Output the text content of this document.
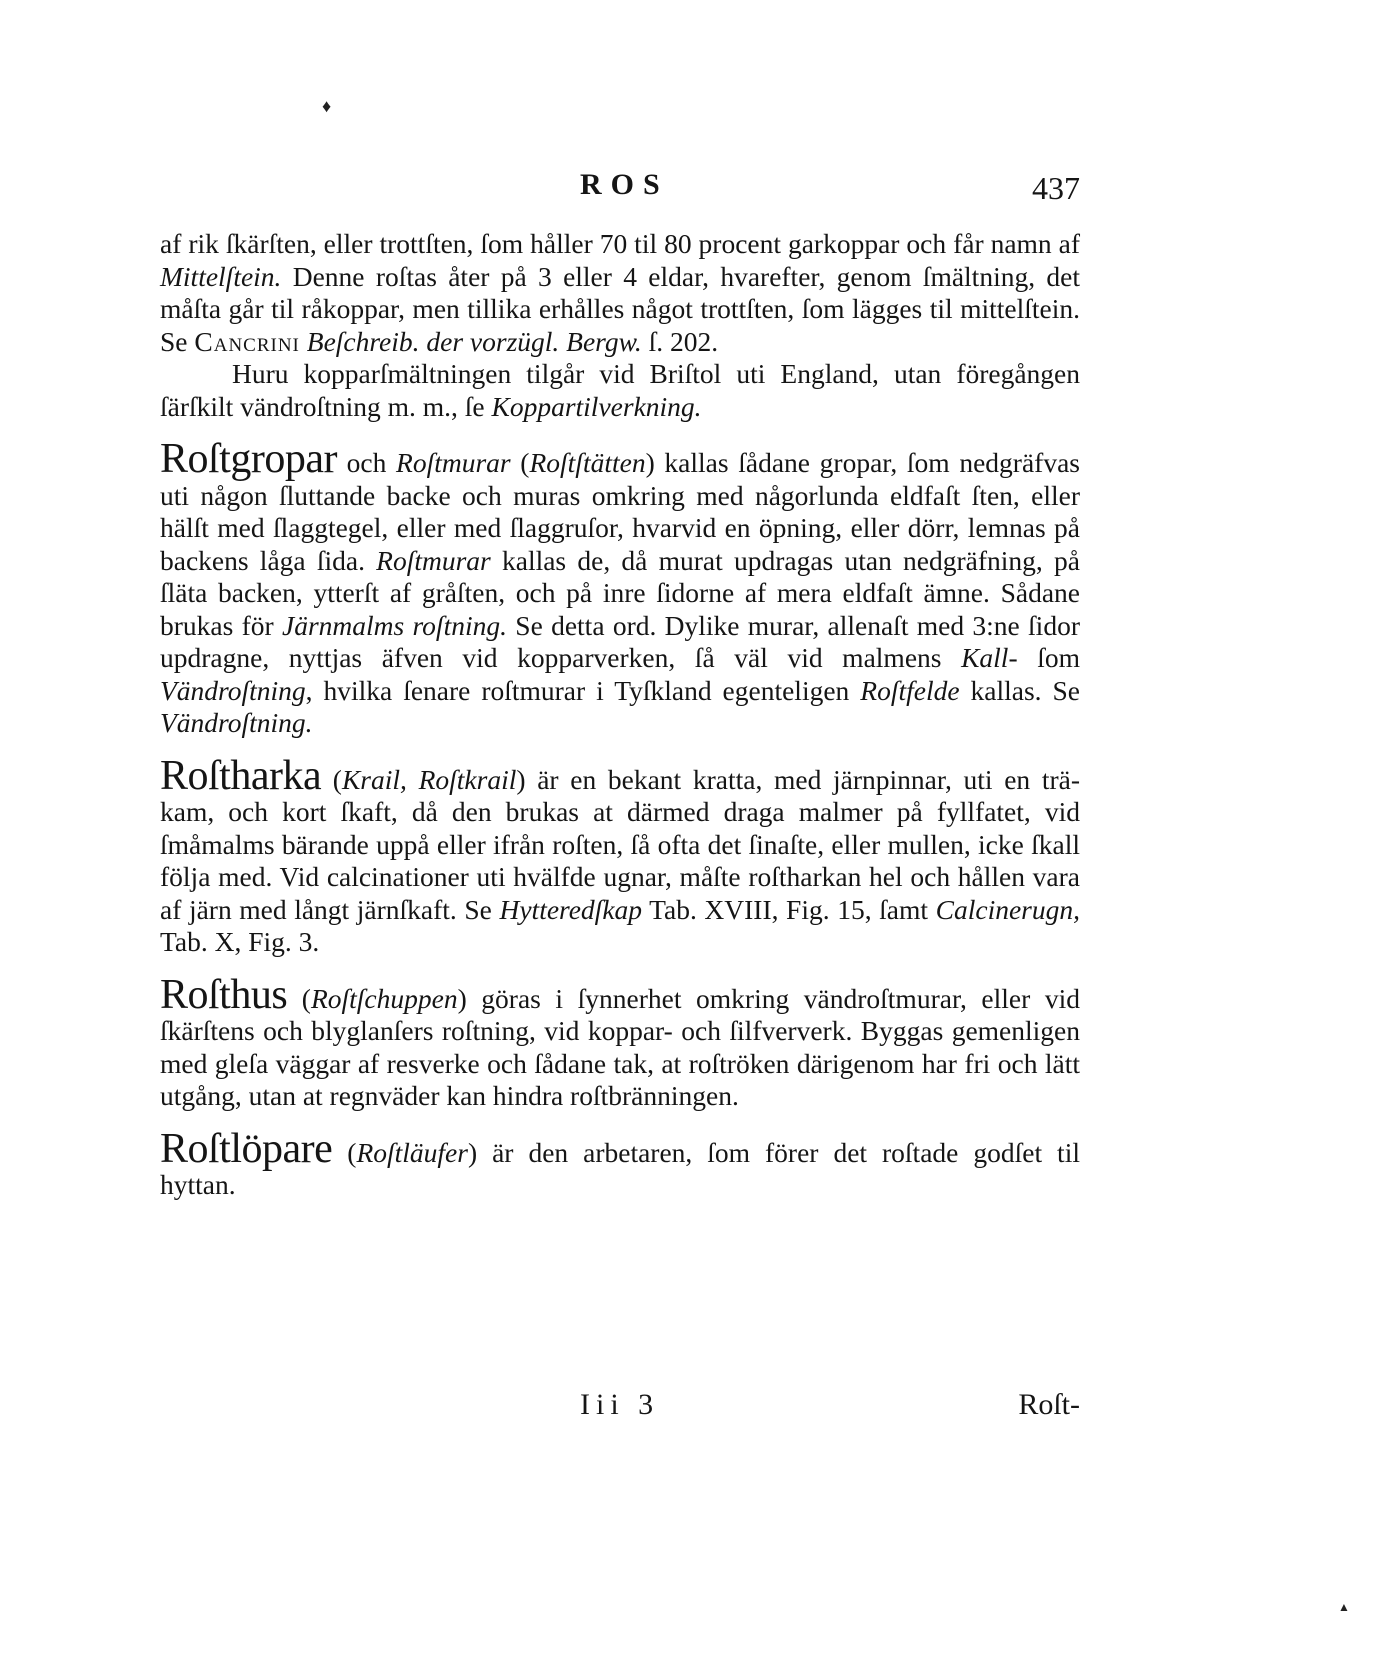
♦
▲
ROS	437

af rik ſkärſten, eller trottſten, ſom håller 70 til 80 procent garkoppar och får namn af Mittelſtein. Denne roſtas åter på 3 eller 4 eldar, hvarefter, genom ſmältning, det måſta går til råkoppar, men tillika erhålles något trottſten, ſom lägges til mittelſtein. Se Cancrini Beſchreib. der vorzügl. Bergw. ſ. 202.

Huru kopparſmältningen tilgår vid Briſtol uti England, utan föregången ſärſkilt vändroſtning m. m., ſe Koppartilverkning.

Roſtgropar och Roſtmurar (Roſtſtätten) kallas ſådane gropar, ſom nedgräfvas uti någon ſluttande backe och muras omkring med någorlunda eldfaſt ſten, eller hälſt med ſlaggtegel, eller med ſlaggruſor, hvarvid en öpning, eller dörr, lemnas på backens låga ſida. Roſtmurar kallas de, då murat updragas utan nedgräfning, på ſläta backen, ytterſt af gråſten, och på inre ſidorne af mera eldfaſt ämne. Sådane brukas för Järnmalms roſtning. Se detta ord. Dylike murar, allenaſt med 3:ne ſidor updragne, nyttjas äfven vid kopparverken, ſå väl vid malmens Kall- ſom Vändroſtning, hvilka ſenare roſtmurar i Tyſkland egenteligen Roſtfelde kallas. Se Vändroſtning.

Roſtharka (Krail, Roſtkrail) är en bekant kratta, med järnpinnar, uti en trä-kam, och kort ſkaft, då den brukas at därmed draga malmer på fyllfatet, vid ſmåmalms bärande uppå eller ifrån roſten, ſå ofta det ſinaſte, eller mullen, icke ſkall följa med. Vid calcinationer uti hvälfde ugnar, måſte roſtharkan hel och hållen vara af järn med långt järnſkaft. Se Hytteredſkap Tab. XVIII, Fig. 15, ſamt Calcinerugn, Tab. X, Fig. 3.

Roſthus (Roſtſchuppen) göras i ſynnerhet omkring vändroſtmurar, eller vid ſkärſtens och blyglanſers roſtning, vid koppar- och ſilfververk. Byggas gemenligen med gleſa väggar af resverke och ſådane tak, at roſtröken därigenom har fri och lätt utgång, utan at regnväder kan hindra roſtbränningen.

Roſtlöpare (Roſtläufer) är den arbetaren, ſom förer det roſtade godſet til hyttan.

Iii 3	Roſt-
